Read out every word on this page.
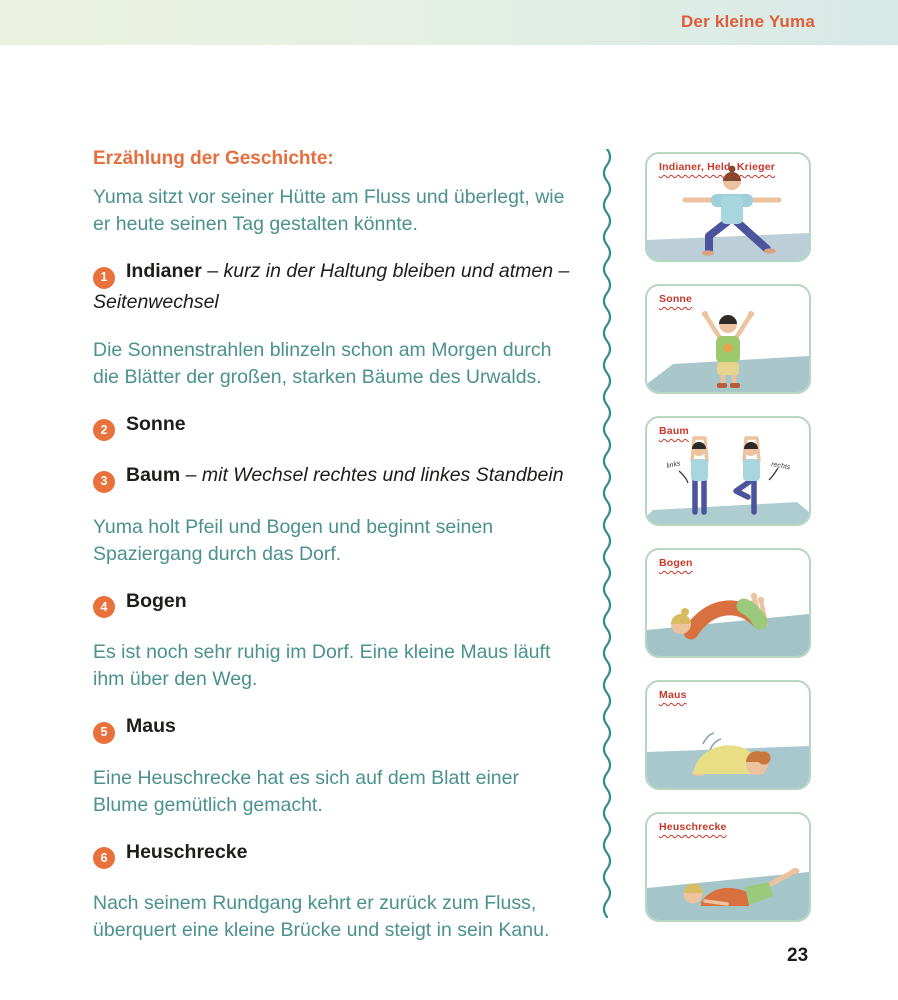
Der kleine Yuma
Erzählung der Geschichte:

Yuma sitzt vor seiner Hütte am Fluss und überlegt, wie er heute seinen Tag gestalten könnte.

1 Indianer – kurz in der Haltung bleiben und atmen – Seitenwechsel

Die Sonnenstrahlen blinzeln schon am Morgen durch die Blätter der großen, starken Bäume des Urwalds.

2 Sonne
3 Baum – mit Wechsel rechtes und linkes Standbein

Yuma holt Pfeil und Bogen und beginnt seinen Spaziergang durch das Dorf.

4 Bogen

Es ist noch sehr ruhig im Dorf. Eine kleine Maus läuft ihm über den Weg.

5 Maus

Eine Heuschrecke hat es sich auf dem Blatt einer Blume gemütlich gemacht.

6 Heuschrecke

Nach seinem Rundgang kehrt er zurück zum Fluss, überquert eine kleine Brücke und steigt in sein Kanu.

Indianer, Held, Krieger
Sonne
links	rechts
Baum
Bogen
Maus
Heuschrecke
23
